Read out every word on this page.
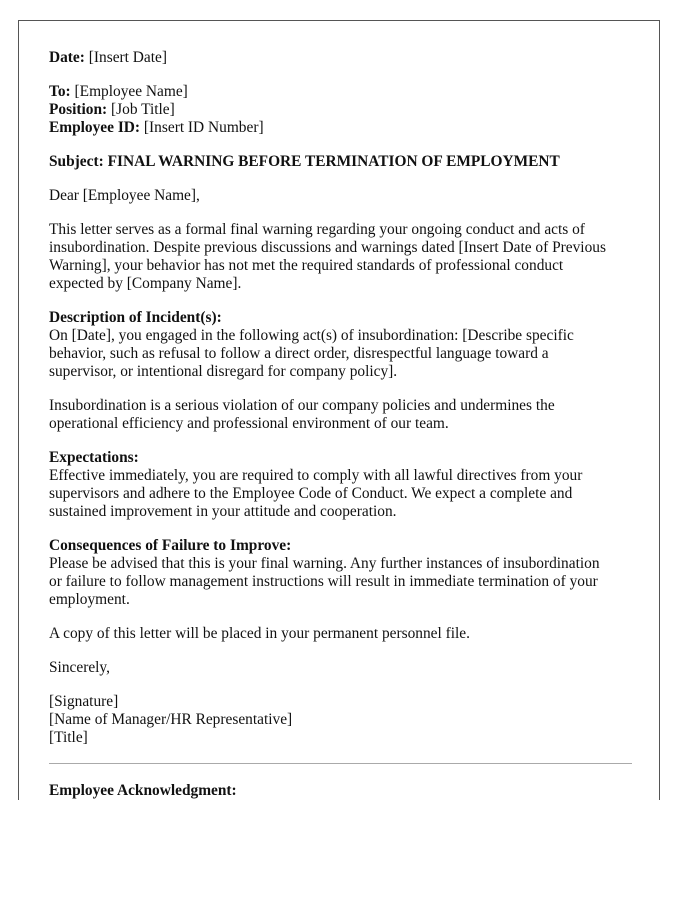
Date: [Insert Date]
To: [Employee Name]
Position: [Job Title]
Employee ID: [Insert ID Number]
Subject: FINAL WARNING BEFORE TERMINATION OF EMPLOYMENT
Dear [Employee Name],
This letter serves as a formal final warning regarding your ongoing conduct and acts of
insubordination. Despite previous discussions and warnings dated [Insert Date of Previous
Warning], your behavior has not met the required standards of professional conduct
expected by [Company Name].
Description of Incident(s):
On [Date], you engaged in the following act(s) of insubordination: [Describe specific
behavior, such as refusal to follow a direct order, disrespectful language toward a
supervisor, or intentional disregard for company policy].
Insubordination is a serious violation of our company policies and undermines the
operational efficiency and professional environment of our team.
Expectations:
Effective immediately, you are required to comply with all lawful directives from your
supervisors and adhere to the Employee Code of Conduct. We expect a complete and
sustained improvement in your attitude and cooperation.
Consequences of Failure to Improve:
Please be advised that this is your final warning. Any further instances of insubordination
or failure to follow management instructions will result in immediate termination of your
employment.
A copy of this letter will be placed in your permanent personnel file.
Sincerely,
[Signature]
[Name of Manager/HR Representative]
[Title]
Employee Acknowledgment:
